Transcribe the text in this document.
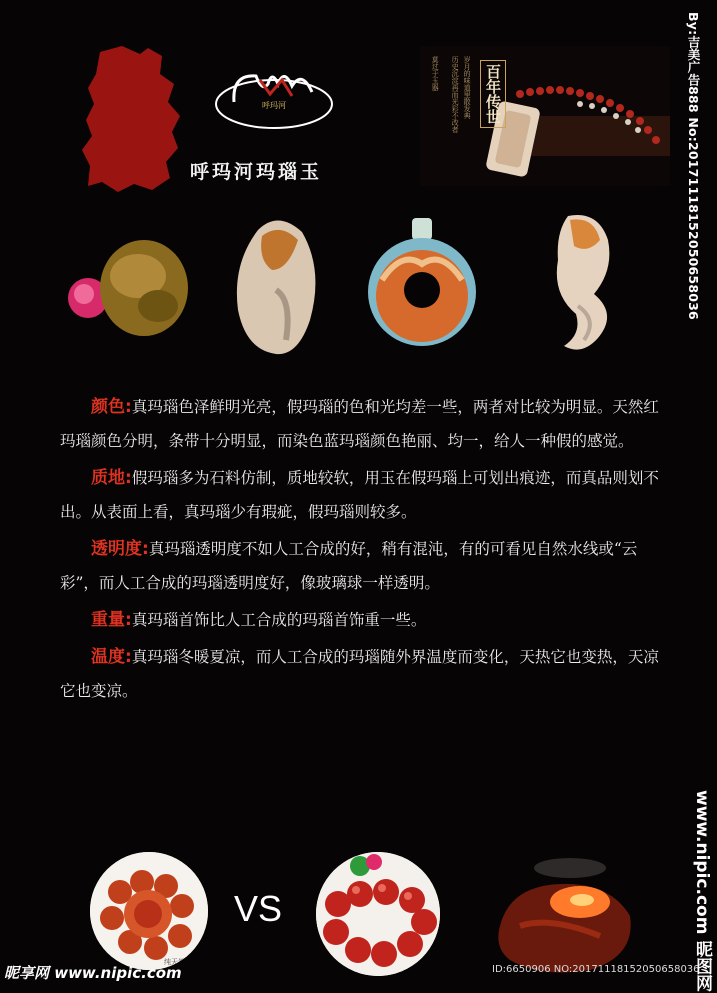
呼玛河
呼玛河玛瑙玉
莫过于玉器 历史沉淀再而光彩不改者 岁月的味道里散发典 百年传世	By:吉美广告888 No:20171118152050658036

颜色:真玛瑙色泽鲜明光亮，假玛瑙的色和光均差一些，两者对比较为明显。天然红玛瑙颜色分明，条带十分明显，而染色蓝玛瑙颜色艳丽、均一，给人一种假的感觉。

质地:假玛瑙多为石料仿制，质地较软，用玉在假玛瑙上可划出痕迹，而真品则划不出。从表面上看，真玛瑙少有瑕疵，假玛瑙则较多。

透明度:真玛瑙透明度不如人工合成的好，稍有混沌，有的可看见自然水线或“云彩”，而人工合成的玛瑙透明度好，像玻璃球一样透明。

重量:真玛瑙首饰比人工合成的玛瑙首饰重一些。

温度:真玛瑙冬暖夏凉，而人工合成的玛瑙随外界温度而变化，天热它也变热，天凉它也变凉。

纯天然
VS
昵享网 www.nipic.com	ID:6650906 NO:20171118152050658036
www.nipic.com 昵图网
